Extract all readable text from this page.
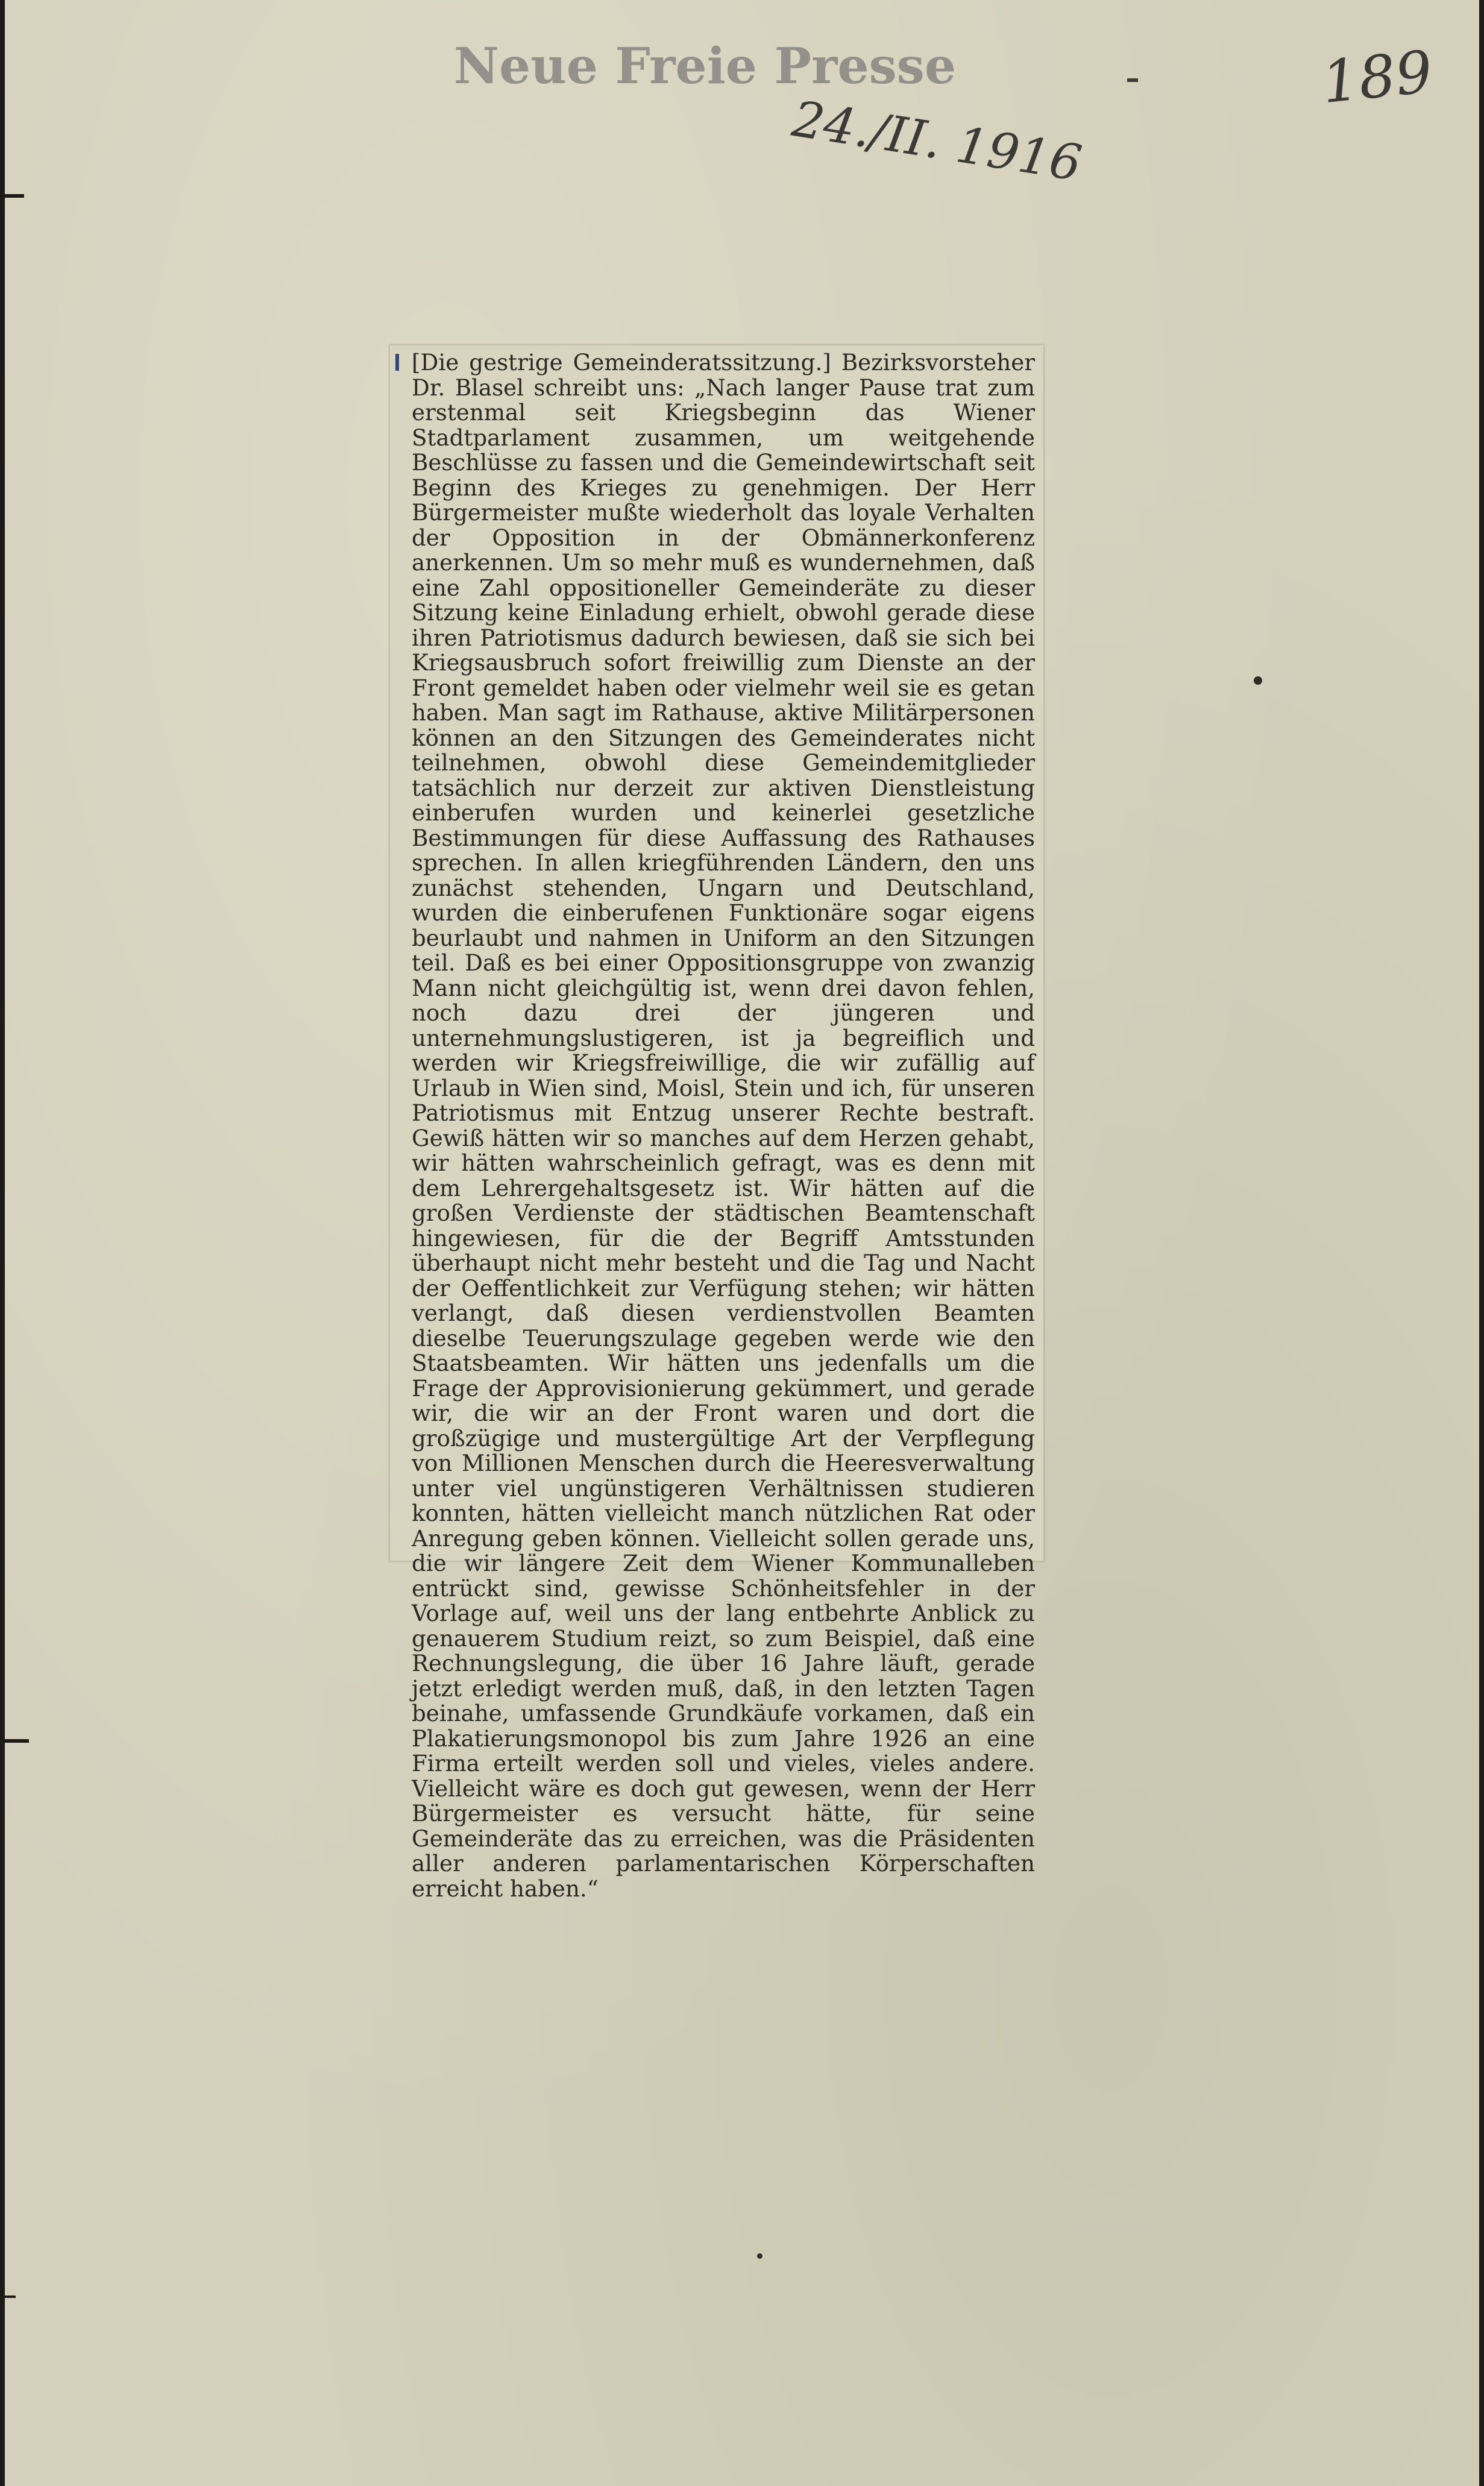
Neue Freie Presse
24./II. 1916
189

[Die gestrige Gemeinderatssitzung.] Bezirksvorsteher Dr. Blasel schreibt uns: „Nach langer Pause trat zum erstenmal seit Kriegsbeginn das Wiener Stadtparlament zusammen, um weitgehende Beschlüsse zu fassen und die Gemeindewirtschaft seit Beginn des Krieges zu genehmigen. Der Herr Bürgermeister mußte wiederholt das loyale Verhalten der Opposition in der Obmännerkonferenz anerkennen. Um so mehr muß es wundernehmen, daß eine Zahl oppositioneller Gemeinderäte zu dieser Sitzung keine Einladung erhielt, obwohl gerade diese ihren Patriotismus dadurch bewiesen, daß sie sich bei Kriegsausbruch sofort freiwillig zum Dienste an der Front gemeldet haben oder vielmehr weil sie es getan haben. Man sagt im Rathause, aktive Militärpersonen können an den Sitzungen des Gemeinderates nicht teilnehmen, obwohl diese Gemeindemitglieder tatsächlich nur derzeit zur aktiven Dienstleistung einberufen wurden und keinerlei gesetzliche Bestimmungen für diese Auffassung des Rathauses sprechen. In allen kriegführenden Ländern, den uns zunächst stehenden, Ungarn und Deutschland, wurden die einberufenen Funktionäre sogar eigens beurlaubt und nahmen in Uniform an den Sitzungen teil. Daß es bei einer Oppositionsgruppe von zwanzig Mann nicht gleichgültig ist, wenn drei davon fehlen, noch dazu drei der jüngeren und unternehmungslustigeren, ist ja begreiflich und werden wir Kriegsfreiwillige, die wir zufällig auf Urlaub in Wien sind, Moisl, Stein und ich, für unseren Patriotismus mit Entzug unserer Rechte bestraft. Gewiß hätten wir so manches auf dem Herzen gehabt, wir hätten wahrscheinlich gefragt, was es denn mit dem Lehrergehaltsgesetz ist. Wir hätten auf die großen Verdienste der städtischen Beamtenschaft hingewiesen, für die der Begriff Amtsstunden überhaupt nicht mehr besteht und die Tag und Nacht der Oeffentlichkeit zur Verfügung stehen; wir hätten verlangt, daß diesen verdienstvollen Beamten dieselbe Teuerungszulage gegeben werde wie den Staatsbeamten. Wir hätten uns jedenfalls um die Frage der Approvisionierung gekümmert, und gerade wir, die wir an der Front waren und dort die großzügige und mustergültige Art der Verpflegung von Millionen Menschen durch die Heeresverwaltung unter viel ungünstigeren Verhältnissen studieren konnten, hätten vielleicht manch nützlichen Rat oder Anregung geben können. Vielleicht sollen gerade uns, die wir längere Zeit dem Wiener Kommunalleben entrückt sind, gewisse Schönheitsfehler in der Vorlage auf, weil uns der lang entbehrte Anblick zu genauerem Studium reizt, so zum Beispiel, daß eine Rechnungslegung, die über 16 Jahre läuft, gerade jetzt erledigt werden muß, daß, in den letzten Tagen beinahe, umfassende Grundkäufe vorkamen, daß ein Plakatierungsmonopol bis zum Jahre 1926 an eine Firma erteilt werden soll und vieles, vieles andere. Vielleicht wäre es doch gut gewesen, wenn der Herr Bürgermeister es versucht hätte, für seine Gemeinderäte das zu erreichen, was die Präsidenten aller anderen parlamentarischen Körperschaften erreicht haben.“
